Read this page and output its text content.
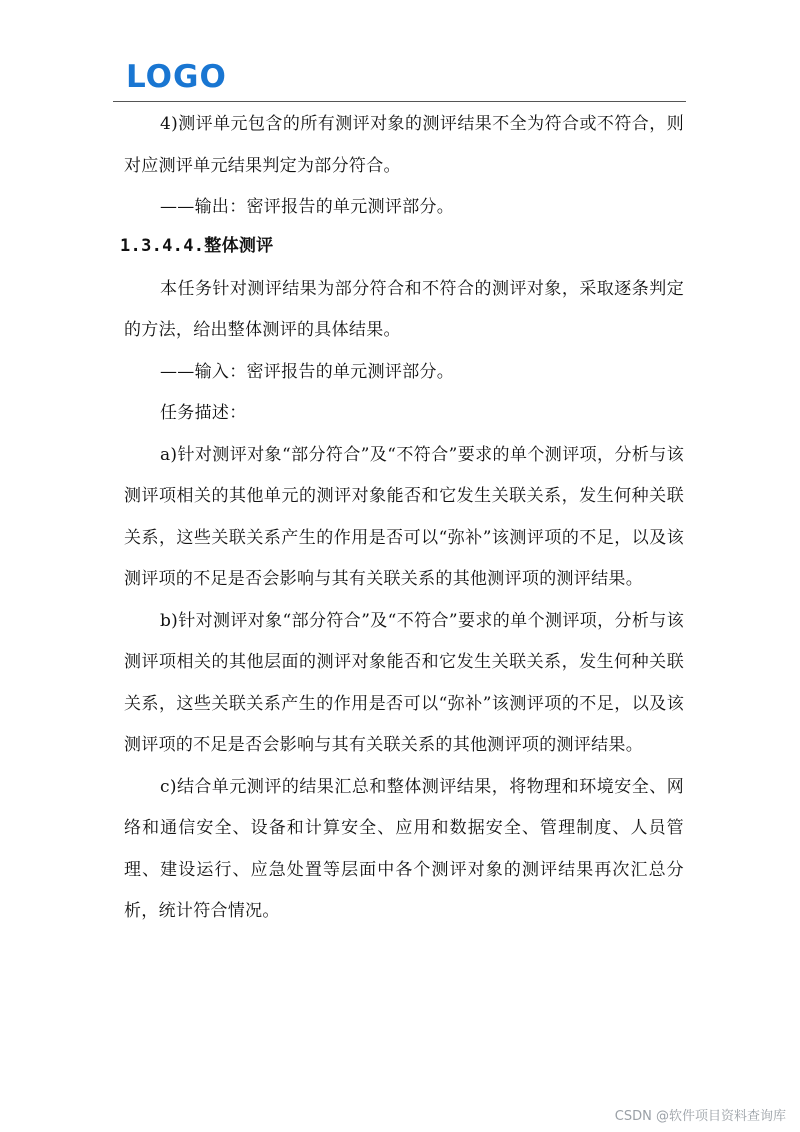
LOGO

4)测评单元包含的所有测评对象的测评结果不全为符合或不符合，则对应测评单元结果判定为部分符合。

——输出：密评报告的单元测评部分。

1.3.4.4.整体测评

本任务针对测评结果为部分符合和不符合的测评对象，采取逐条判定的方法，给出整体测评的具体结果。

——输入：密评报告的单元测评部分。

任务描述：

a)针对测评对象“部分符合”及“不符合”要求的单个测评项，分析与该测评项相关的其他单元的测评对象能否和它发生关联关系，发生何种关联关系，这些关联关系产生的作用是否可以“弥补”该测评项的不足，以及该测评项的不足是否会影响与其有关联关系的其他测评项的测评结果。

b)针对测评对象“部分符合”及“不符合”要求的单个测评项，分析与该测评项相关的其他层面的测评对象能否和它发生关联关系，发生何种关联关系，这些关联关系产生的作用是否可以“弥补”该测评项的不足，以及该测评项的不足是否会影响与其有关联关系的其他测评项的测评结果。

c)结合单元测评的结果汇总和整体测评结果，将物理和环境安全、网络和通信安全、设备和计算安全、应用和数据安全、管理制度、人员管理、建设运行、应急处置等层面中各个测评对象的测评结果再次汇总分析，统计符合情况。

CSDN @软件项目资料查询库
